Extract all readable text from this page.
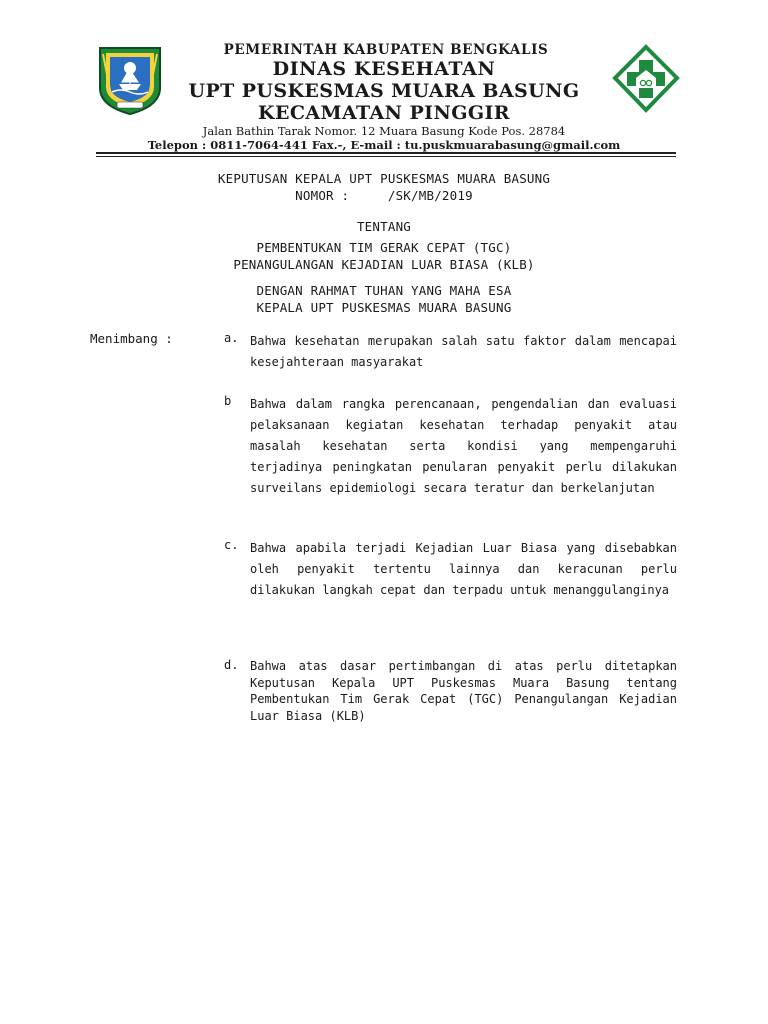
PEMERINTAH KABUPATEN BENGKALIS
DINAS KESEHATAN
UPT PUSKESMAS MUARA BASUNG
KECAMATAN PINGGIR
Jalan Bathin Tarak Nomor. 12 Muara Basung Kode Pos. 28784
Telepon : 0811-7064-441 Fax.-, E-mail : tu.puskmuarabasung@gmail.com
KEPUTUSAN KEPALA UPT PUSKESMAS MUARA BASUNG
NOMOR :     /SK/MB/2019
TENTANG
PEMBENTUKAN TIM GERAK CEPAT (TGC)
PENANGULANGAN KEJADIAN LUAR BIASA (KLB)
DENGAN RAHMAT TUHAN YANG MAHA ESA
KEPALA UPT PUSKESMAS MUARA BASUNG
Menimbang :	a. Bahwa kesehatan merupakan salah satu faktor dalam mencapai kesejahteraan masyarakat
b Bahwa dalam rangka perencanaan, pengendalian dan evaluasi pelaksanaan kegiatan kesehatan terhadap penyakit atau masalah kesehatan serta kondisi yang mempengaruhi terjadinya peningkatan penularan penyakit perlu dilakukan surveilans epidemiologi secara teratur dan berkelanjutan
c. Bahwa apabila terjadi Kejadian Luar Biasa yang disebabkan oleh penyakit tertentu lainnya dan keracunan perlu dilakukan langkah cepat dan terpadu untuk menanggulanginya
d. Bahwa atas dasar pertimbangan di atas perlu ditetapkan Keputusan Kepala UPT Puskesmas Muara Basung tentang Pembentukan Tim Gerak Cepat (TGC) Penangulangan Kejadian Luar Biasa (KLB)
